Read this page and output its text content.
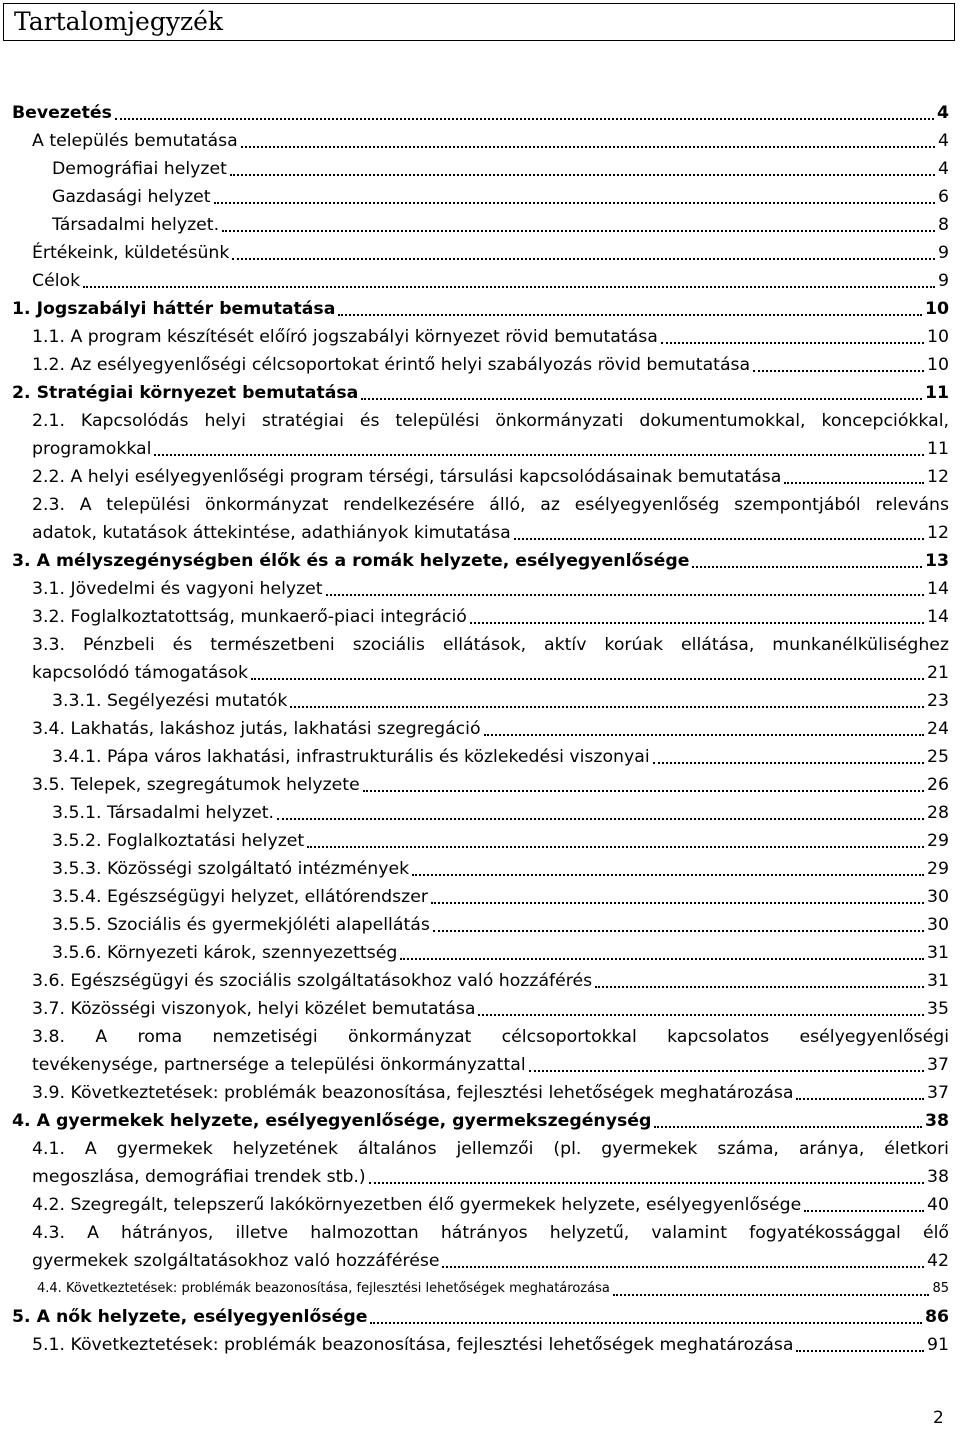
Tartalomjegyzék
Bevezetés	4
A település bemutatása	4
Demográfiai helyzet	4
Gazdasági helyzet	6
Társadalmi helyzet.	8
Értékeink, küldetésünk	9
Célok	9
1. Jogszabályi háttér bemutatása	10
1.1. A program készítését előíró jogszabályi környezet rövid bemutatása	10
1.2. Az esélyegyenlőségi célcsoportokat érintő helyi szabályozás rövid bemutatása	10
2. Stratégiai környezet bemutatása	11
2.1. Kapcsolódás helyi stratégiai és települési önkormányzati dokumentumokkal, koncepciókkal,
programokkal	11
2.2. A helyi esélyegyenlőségi program térségi, társulási kapcsolódásainak bemutatása	12
2.3. A települési önkormányzat rendelkezésére álló, az esélyegyenlőség szempontjából releváns
adatok, kutatások áttekintése, adathiányok kimutatása	12
3. A mélyszegénységben élők és a romák helyzete, esélyegyenlősége	13
3.1. Jövedelmi és vagyoni helyzet	14
3.2. Foglalkoztatottság, munkaerő-piaci integráció	14
3.3. Pénzbeli és természetbeni szociális ellátások, aktív korúak ellátása, munkanélküliséghez
kapcsolódó támogatások	21
3.3.1. Segélyezési mutatók	23
3.4. Lakhatás, lakáshoz jutás, lakhatási szegregáció	24
3.4.1. Pápa város lakhatási, infrastrukturális és közlekedési viszonyai	25
3.5. Telepek, szegregátumok helyzete	26
3.5.1. Társadalmi helyzet.	28
3.5.2. Foglalkoztatási helyzet	29
3.5.3. Közösségi szolgáltató intézmények	29
3.5.4. Egészségügyi helyzet, ellátórendszer	30
3.5.5. Szociális és gyermekjóléti alapellátás	30
3.5.6. Környezeti károk, szennyezettség	31
3.6. Egészségügyi és szociális szolgáltatásokhoz való hozzáférés	31
3.7. Közösségi viszonyok, helyi közélet bemutatása	35
3.8. A roma nemzetiségi önkormányzat célcsoportokkal kapcsolatos esélyegyenlőségi
tevékenysége, partnersége a települési önkormányzattal	37
3.9. Következtetések: problémák beazonosítása, fejlesztési lehetőségek meghatározása	37
4. A gyermekek helyzete, esélyegyenlősége, gyermekszegénység	38
4.1. A gyermekek helyzetének általános jellemzői (pl. gyermekek száma, aránya, életkori
megoszlása, demográfiai trendek stb.)	38
4.2. Szegregált, telepszerű lakókörnyezetben élő gyermekek helyzete, esélyegyenlősége	40
4.3. A hátrányos, illetve halmozottan hátrányos helyzetű, valamint fogyatékossággal élő
gyermekek szolgáltatásokhoz való hozzáférése	42
4.4. Következtetések: problémák beazonosítása, fejlesztési lehetőségek meghatározása	85
5. A nők helyzete, esélyegyenlősége	86
5.1. Következtetések: problémák beazonosítása, fejlesztési lehetőségek meghatározása	91
2
